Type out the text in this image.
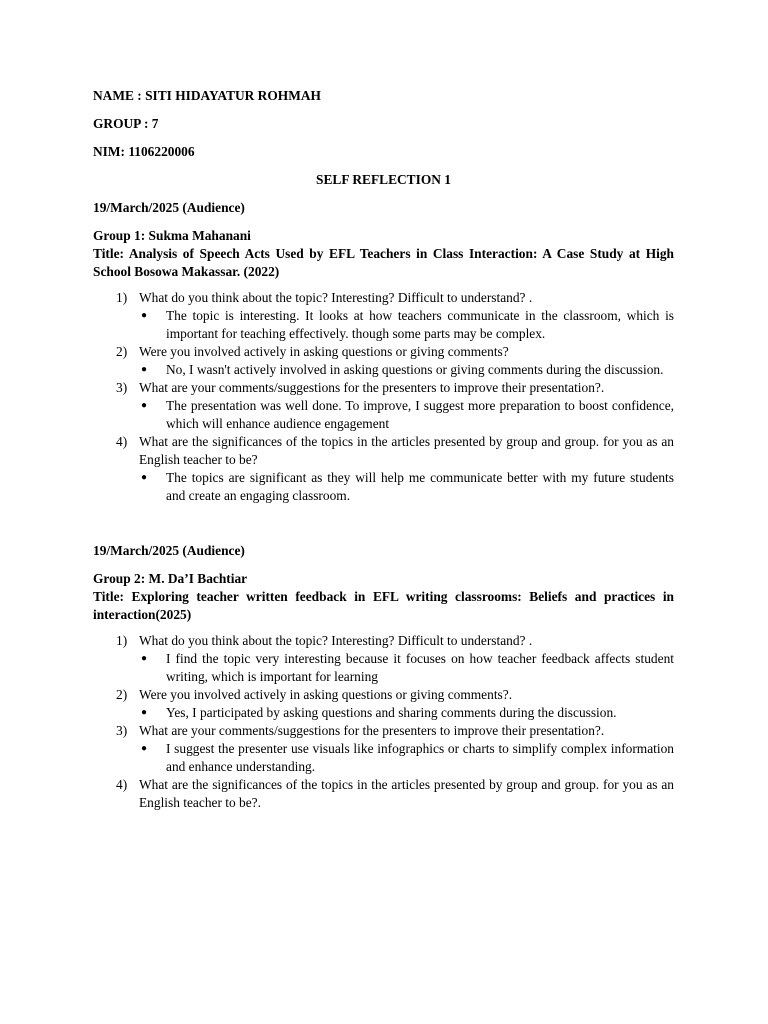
NAME : SITI HIDAYATUR ROHMAH

GROUP : 7

NIM: 1106220006

SELF REFLECTION 1

19/March/2025 (Audience)

Group 1: Sukma Mahanani

Title: Analysis of Speech Acts Used by EFL Teachers in Class Interaction: A Case Study at High School Bosowa Makassar. (2022)

1) What do you think about the topic? Interesting? Difficult to understand? .
● The topic is interesting. It looks at how teachers communicate in the classroom, which is important for teaching effectively. though some parts may be complex.
2) Were you involved actively in asking questions or giving comments?
● No, I wasn't actively involved in asking questions or giving comments during the discussion.
3) What are your comments/suggestions for the presenters to improve their presentation?.
● The presentation was well done. To improve, I suggest more preparation to boost confidence, which will enhance audience engagement
4) What are the significances of the topics in the articles presented by group and group. for you as an English teacher to be?
● The topics are significant as they will help me communicate better with my future students and create an engaging classroom.

19/March/2025 (Audience)

Group 2: M. Da’I Bachtiar

Title: Exploring teacher written feedback in EFL writing classrooms: Beliefs and practices in interaction(2025)

1) What do you think about the topic? Interesting? Difficult to understand? .
● I find the topic very interesting because it focuses on how teacher feedback affects student writing, which is important for learning
2) Were you involved actively in asking questions or giving comments?.
● Yes, I participated by asking questions and sharing comments during the discussion.
3) What are your comments/suggestions for the presenters to improve their presentation?.
● I suggest the presenter use visuals like infographics or charts to simplify complex information and enhance understanding.
4) What are the significances of the topics in the articles presented by group and group. for you as an English teacher to be?.
